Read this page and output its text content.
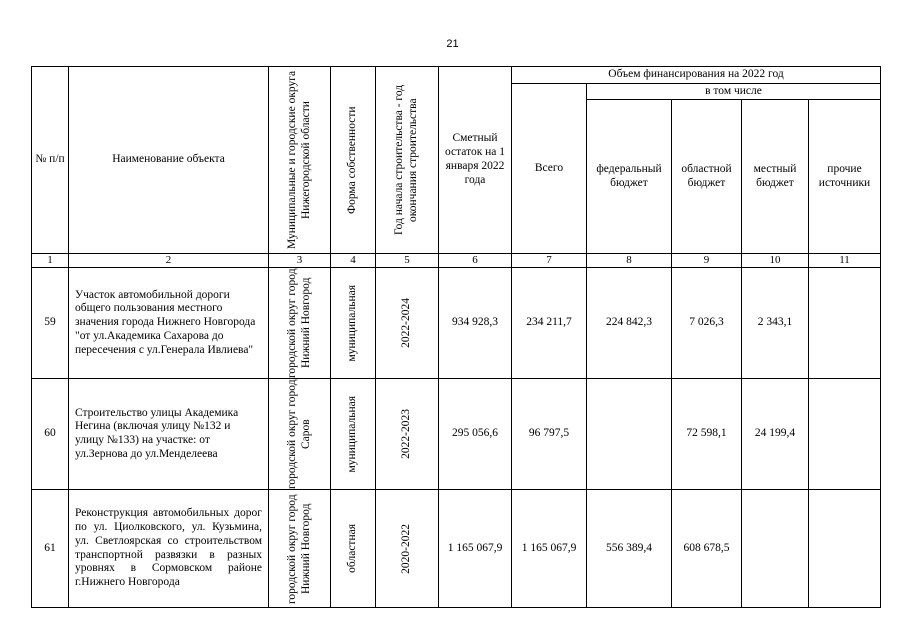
21
№ п/п	Наименование объекта	Муниципальные и городские округа Нижегородской области	Форма собственности	Год начала строительства - год окончания строительства	Сметный остаток на 1 января 2022 года	Объем финансирования на 2022 год				
						Всего	в том числе			
							федеральный бюджет	областной бюджет	местный бюджет	прочие источники
1	2	3	4	5	6	7	8	9	10	11
59	Участок автомобильной дороги общего пользования местного значения города Нижнего Новгорода "от ул.Академика Сахарова до пересечения с ул.Генерала Ивлиева"	городской округ город Нижний Новгород	муниципальная	2022-2024	934 928,3	234 211,7	224 842,3	7 026,3	2 343,1	
60	Строительство улицы Академика Негина (включая улицу №132 и улицу №133) на участке: от ул.Зернова до ул.Менделеева	городской округ город Саров	муниципальная	2022-2023	295 056,6	96 797,5		72 598,1	24 199,4	
61	Реконструкция автомобильных дорог по ул. Циолковского, ул. Кузьмина, ул. Светлоярская со строительством транспортной развязки в разных уровнях в Сормовском районе г.Нижнего Новгорода	городской округ город Нижний Новгород	областная	2020-2022	1 165 067,9	1 165 067,9	556 389,4	608 678,5		
